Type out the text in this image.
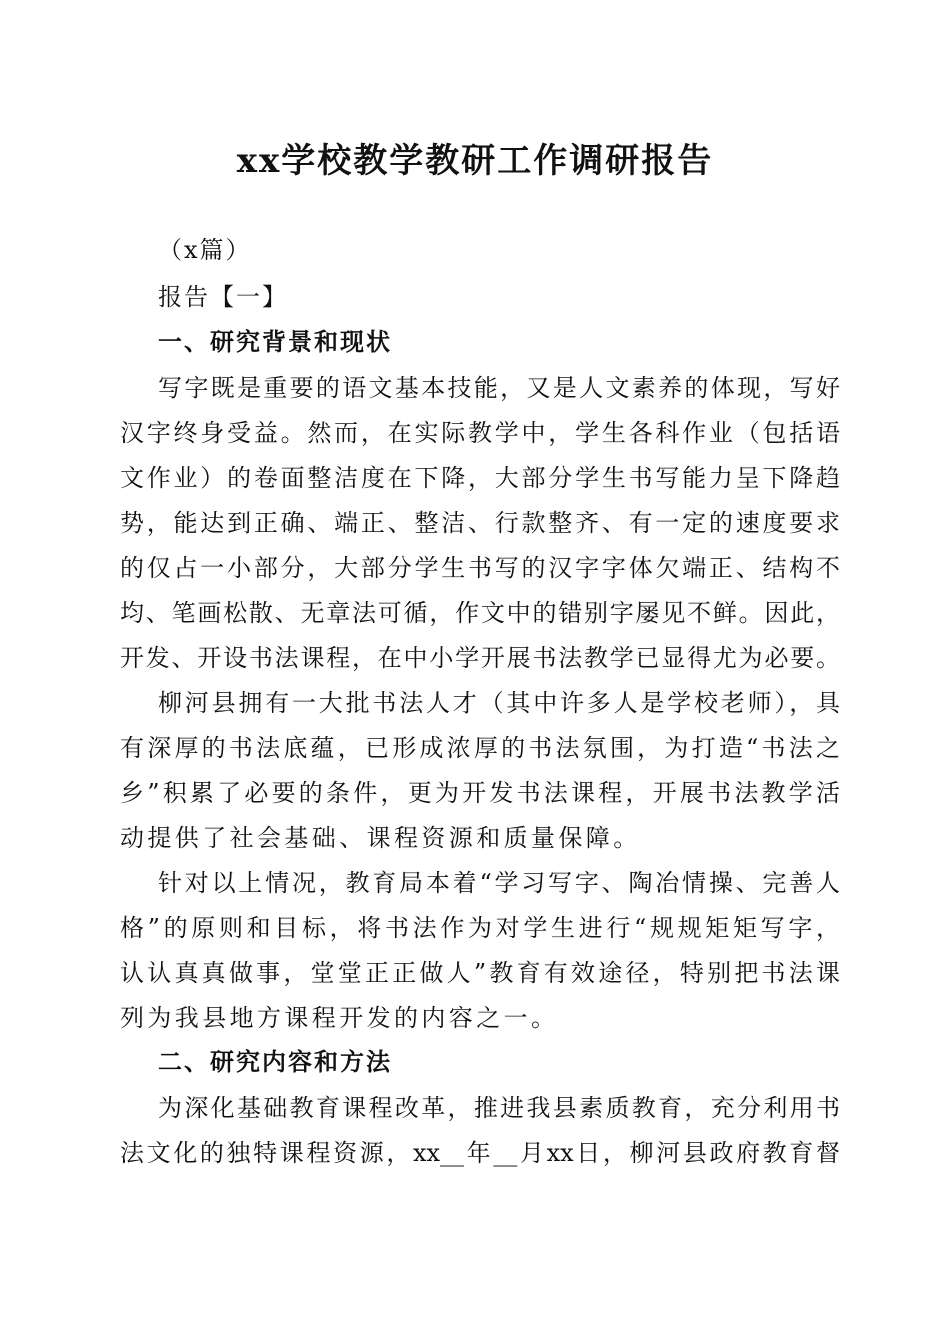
xx学校教学教研工作调研报告
（x篇）
报告【一】
一、研究背景和现状
写字既是重要的语文基本技能，又是人文素养的体现，写好
汉字终身受益。然而，在实际教学中，学生各科作业（包括语
文作业）的卷面整洁度在下降，大部分学生书写能力呈下降趋
势，能达到正确、端正、整洁、行款整齐、有一定的速度要求
的仅占一小部分，大部分学生书写的汉字字体欠端正、结构不
均、笔画松散、无章法可循，作文中的错别字屡见不鲜。因此，
开发、开设书法课程，在中小学开展书法教学已显得尤为必要。
柳河县拥有一大批书法人才（其中许多人是学校老师），具
有深厚的书法底蕴，已形成浓厚的书法氛围，为打造“书法之
乡”积累了必要的条件，更为开发书法课程，开展书法教学活
动提供了社会基础、课程资源和质量保障。
针对以上情况，教育局本着“学习写字、陶冶情操、完善人
格”的原则和目标，将书法作为对学生进行“规规矩矩写字，
认认真真做事，堂堂正正做人”教育有效途径，特别把书法课
列为我县地方课程开发的内容之一。
二、研究内容和方法
为深化基础教育课程改革，推进我县素质教育，充分利用书
法文化的独特课程资源，xx__年__月xx日，柳河县政府教育督
